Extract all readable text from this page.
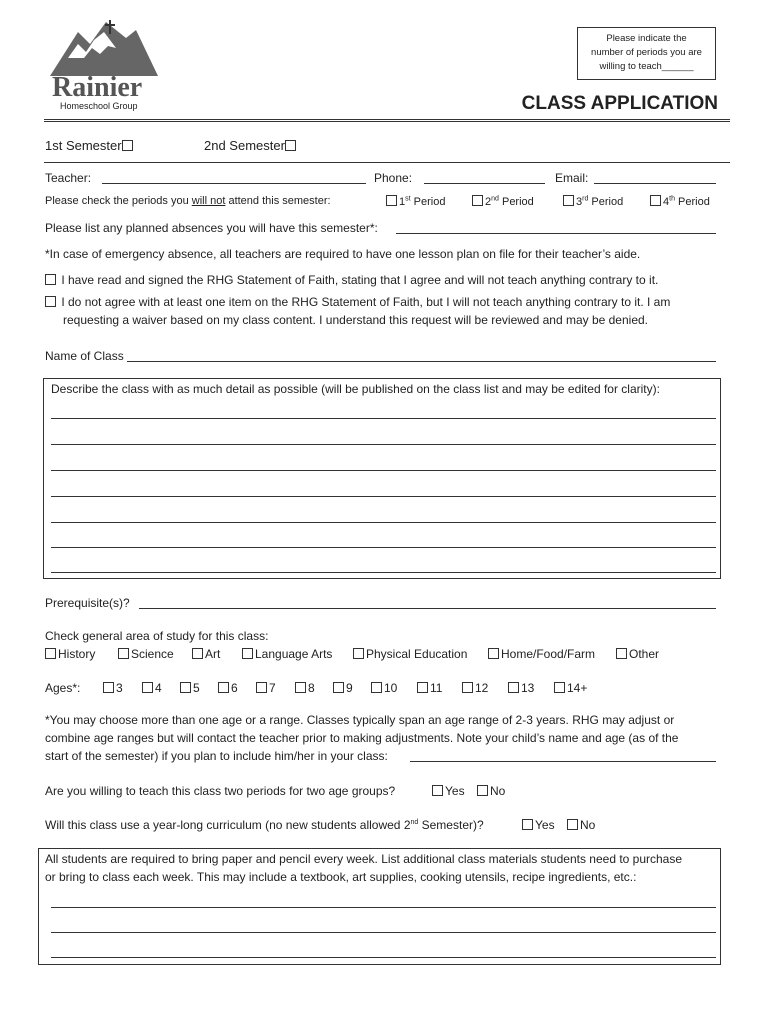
Rainier
Homeschool Group
Please indicate the
number of periods you are
willing to teach______
CLASS APPLICATION
1st Semester	2nd Semester
Teacher:	Phone:	Email:
Please check the periods you will not attend this semester:	1st Period	2nd Period	3rd Period	4th Period
Please list any planned absences you will have this semester*:
*In case of emergency absence, all teachers are required to have one lesson plan on file for their teacher’s aide.
I have read and signed the RHG Statement of Faith, stating that I agree and will not teach anything contrary to it.
I do not agree with at least one item on the RHG Statement of Faith, but I will not teach anything contrary to it. I am
requesting a waiver based on my class content. I understand this request will be reviewed and may be denied.
Name of Class
Describe the class with as much detail as possible (will be published on the class list and may be edited for clarity):
Prerequisite(s)?
Check general area of study for this class:
History	Science	Art	Language Arts	Physical Education	Home/Food/Farm	Other
Ages*:	3	4	5	6	7	8	9	10	11	12	13	14+
*You may choose more than one age or a range. Classes typically span an age range of 2-3 years. RHG may adjust or
combine age ranges but will contact the teacher prior to making adjustments. Note your child’s name and age (as of the
start of the semester) if you plan to include him/her in your class:
Are you willing to teach this class two periods for two age groups?	Yes	No
Will this class use a year-long curriculum (no new students allowed 2nd Semester)?	Yes	No
All students are required to bring paper and pencil every week. List additional class materials students need to purchase
or bring to class each week. This may include a textbook, art supplies, cooking utensils, recipe ingredients, etc.:
